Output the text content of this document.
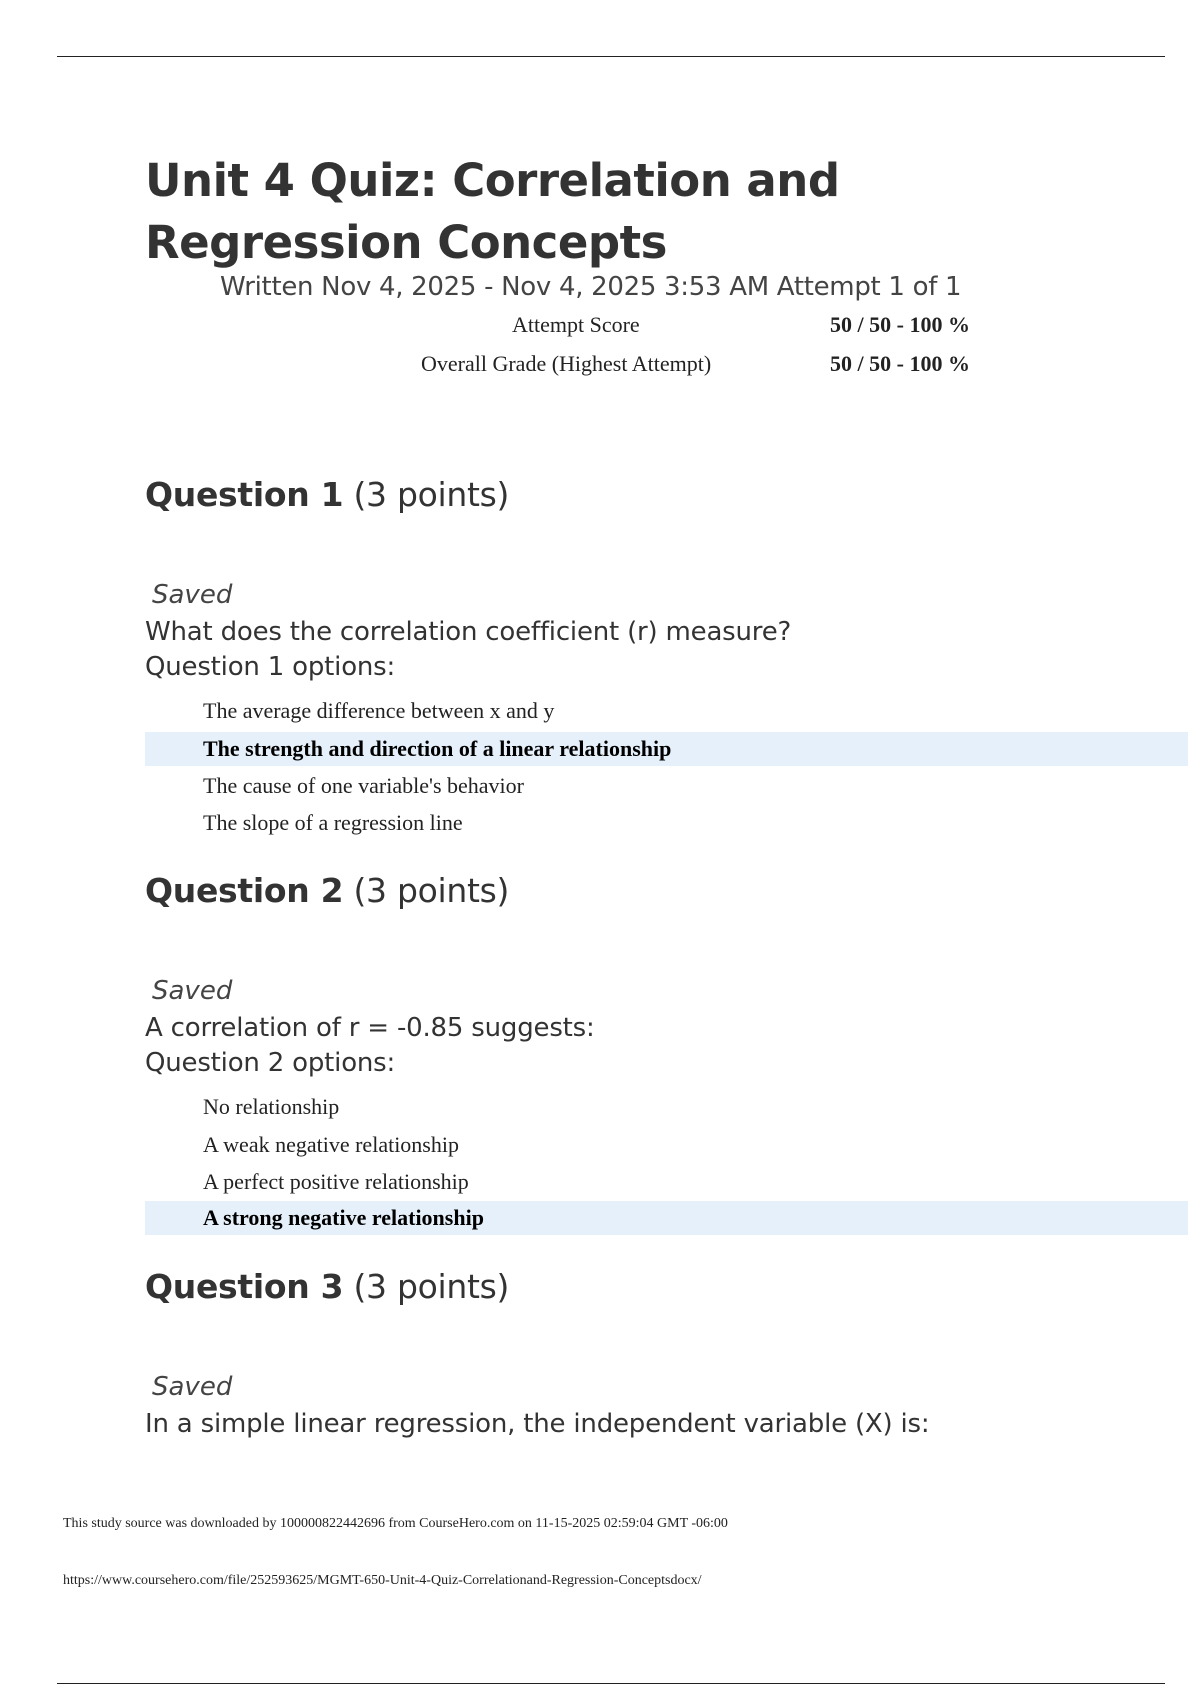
Unit 4 Quiz: Correlation and Regression Concepts
Written Nov 4, 2025 - Nov 4, 2025 3:53 AM Attempt 1 of 1
Attempt Score	50 / 50 - 100 %
Overall Grade (Highest Attempt)	50 / 50 - 100 %
Question 1 (3 points)
Saved
What does the correlation coefficient (r) measure?
Question 1 options:
The average difference between x and y
The strength and direction of a linear relationship
The cause of one variable's behavior
The slope of a regression line
Question 2 (3 points)
Saved
A correlation of r = -0.85 suggests:
Question 2 options:
No relationship
A weak negative relationship
A perfect positive relationship
A strong negative relationship
Question 3 (3 points)
Saved
In a simple linear regression, the independent variable (X) is:
This study source was downloaded by 100000822442696 from CourseHero.com on 11-15-2025 02:59:04 GMT -06:00
https://www.coursehero.com/file/252593625/MGMT-650-Unit-4-Quiz-Correlationand-Regression-Conceptsdocx/
